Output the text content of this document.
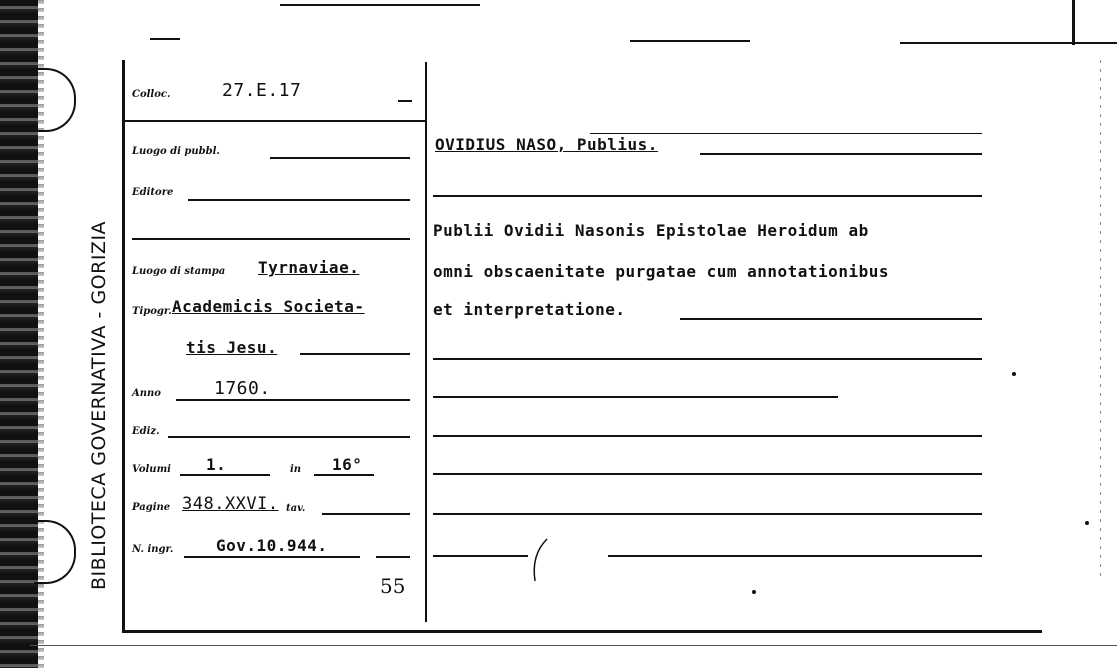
BIBLIOTECA GOVERNATIVA - GORIZIA
Colloc.	27.E.17
Luogo di pubbl.
Editore
Luogo di stampa Tyrnaviae.
Tipogr. Academicis Societa-
tis Jesu.
Anno	1760.
Ediz.
Volumi 1.	in 16°
Pagine 348.XXVI. tav.
N. ingr.	Gov.10.944.
55
OVIDIUS NASO, Publius.
Publii Ovidii Nasonis Epistolae Heroidum ab
omni obscaenitate purgatae cum annotationibus
et interpretatione.
